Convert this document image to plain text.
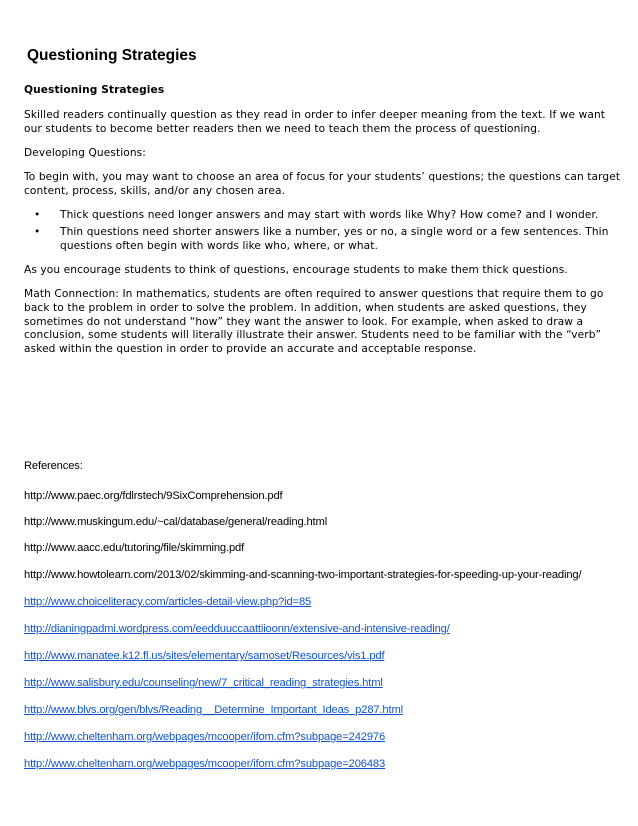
Questioning Strategies

Questioning Strategies

Skilled readers continually question as they read in order to infer deeper meaning from the text. If we want our students to become better readers then we need to teach them the process of questioning.

Developing Questions:

To begin with, you may want to choose an area of focus for your students’ questions; the questions can target content, process, skills, and/or any chosen area.

• Thick questions need longer answers and may start with words like Why? How come? and I wonder.
• Thin questions need shorter answers like a number, yes or no, a single word or a few sentences. Thin questions often begin with words like who, where, or what.

As you encourage students to think of questions, encourage students to make them thick questions.

Math Connection: In mathematics, students are often required to answer questions that require them to go back to the problem in order to solve the problem. In addition, when students are asked questions, they sometimes do not understand “how” they want the answer to look. For example, when asked to draw a conclusion, some students will literally illustrate their answer. Students need to be familiar with the “verb” asked within the question in order to provide an accurate and acceptable response.

References:
http://www.paec.org/fdlrstech/9SixComprehension.pdf
http://www.muskingum.edu/~cal/database/general/reading.html
http://www.aacc.edu/tutoring/file/skimming.pdf
http://www.howtolearn.com/2013/02/skimming-and-scanning-two-important-strategies-for-speeding-up-your-reading/
http://www.choiceliteracy.com/articles-detail-view.php?id=85
http://dianingpadmi.wordpress.com/eedduuccaattiioonn/extensive-and-intensive-reading/
http://www.manatee.k12.fl.us/sites/elementary/samoset/Resources/vis1.pdf
http://www.salisbury.edu/counseling/new/7_critical_reading_strategies.html
http://www.blvs.org/gen/blvs/Reading__Determine_Important_Ideas_p287.html
http://www.cheltenham.org/webpages/mcooper/ifom.cfm?subpage=242976
http://www.cheltenham.org/webpages/mcooper/ifom.cfm?subpage=206483
